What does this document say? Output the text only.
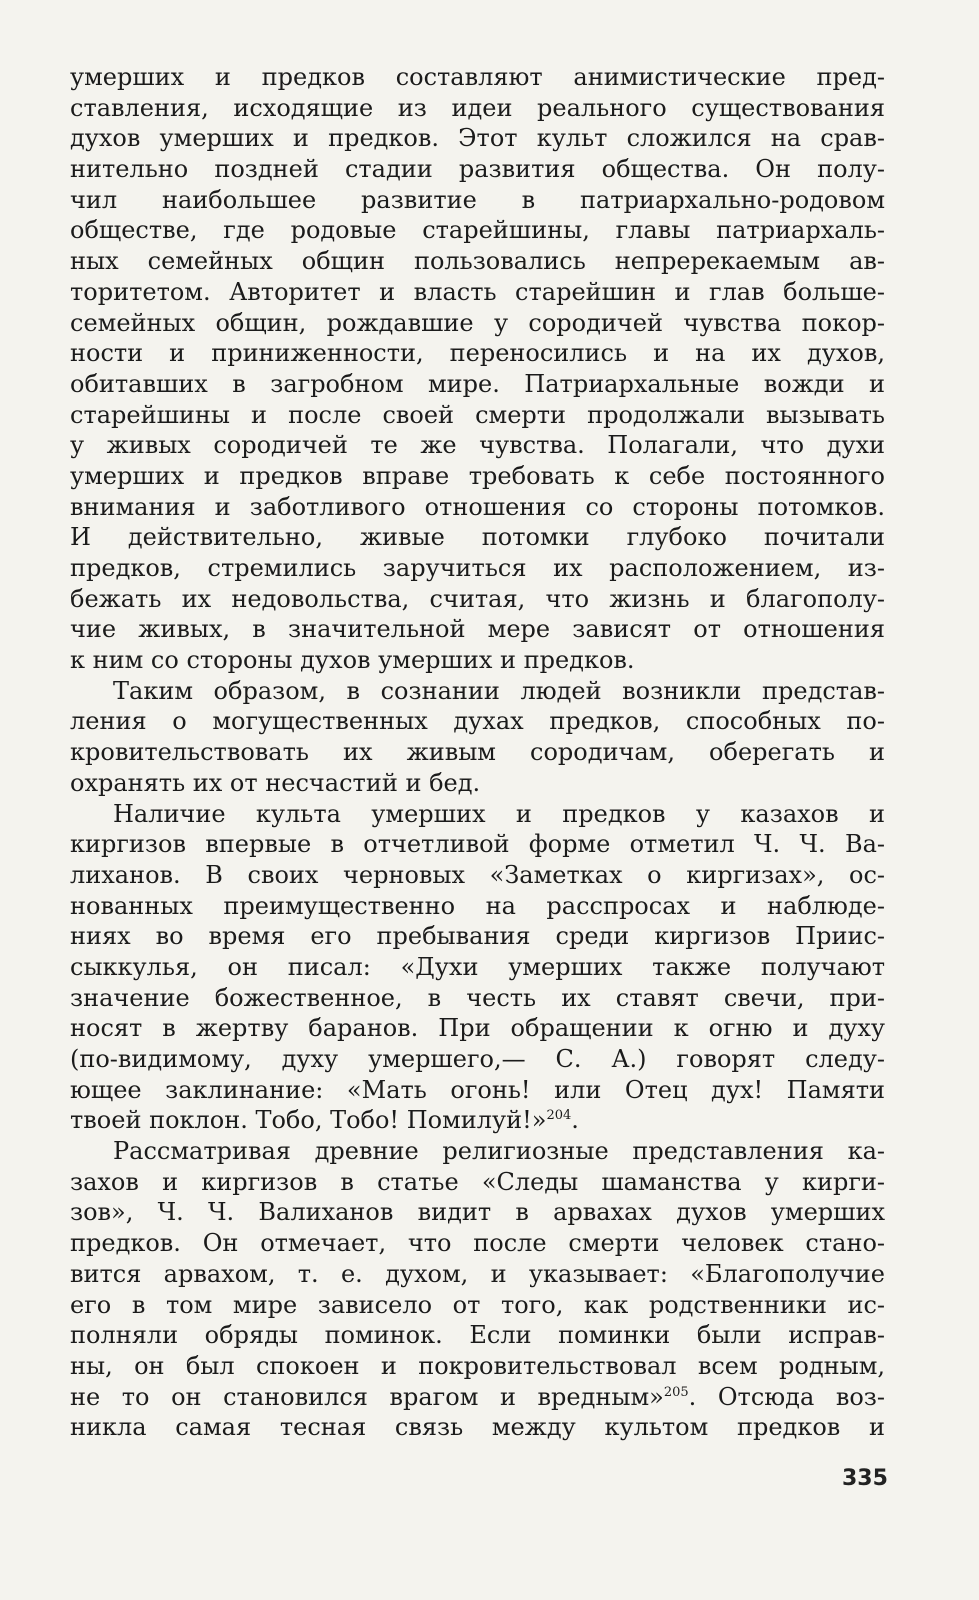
умерших и предков составляют анимистические пред-
ставления, исходящие из идеи реального существования
духов умерших и предков. Этот культ сложился на срав-
нительно поздней стадии развития общества. Он полу-
чил наибольшее развитие в патриархально-родовом
обществе, где родовые старейшины, главы патриархаль-
ных семейных общин пользовались непререкаемым ав-
торитетом. Авторитет и власть старейшин и глав больше-
семейных общин, рождавшие у сородичей чувства покор-
ности и приниженности, переносились и на их духов,
обитавших в загробном мире. Патриархальные вожди и
старейшины и после своей смерти продолжали вызывать
у живых сородичей те же чувства. Полагали, что духи
умерших и предков вправе требовать к себе постоянного
внимания и заботливого отношения со стороны потомков.
И действительно, живые потомки глубоко почитали
предков, стремились заручиться их расположением, из-
бежать их недовольства, считая, что жизнь и благополу-
чие живых, в значительной мере зависят от отношения
к ним со стороны духов умерших и предков.
Таким образом, в сознании людей возникли представ-
ления о могущественных духах предков, способных по-
кровительствовать их живым сородичам, оберегать и
охранять их от несчастий и бед.
Наличие культа умерших и предков у казахов и
киргизов впервые в отчетливой форме отметил Ч. Ч. Ва-
лиханов. В своих черновых «Заметках о киргизах», ос-
нованных преимущественно на расспросах и наблюде-
ниях во время его пребывания среди киргизов Прииc-
сыккулья, он писал: «Духи умерших также получают
значение божественное, в честь их ставят свечи, при-
носят в жертву баранов. При обращении к огню и духу
(по-видимому, духу умершего,— С. А.) говорят следу-
ющее заклинание: «Мать огонь! или Отец дух! Памяти
твоей поклон. Тобо, Тобо! Помилуй!»$^{204}$.
Рассматривая древние религиозные представления ка-
захов и киргизов в статье «Следы шаманства у кирги-
зов», Ч. Ч. Валиханов видит в арвахах духов умерших
предков. Он отмечает, что после смерти человек стано-
вится арвахом, т. е. духом, и указывает: «Благополучие
его в том мире зависело от того, как родственники ис-
полняли обряды поминок. Если поминки были исправ-
ны, он был спокоен и покровительствовал всем родным,
не то он становился врагом и вредным»$^{205}$. Отсюда воз-
никла самая тесная связь между культом предков и
335
